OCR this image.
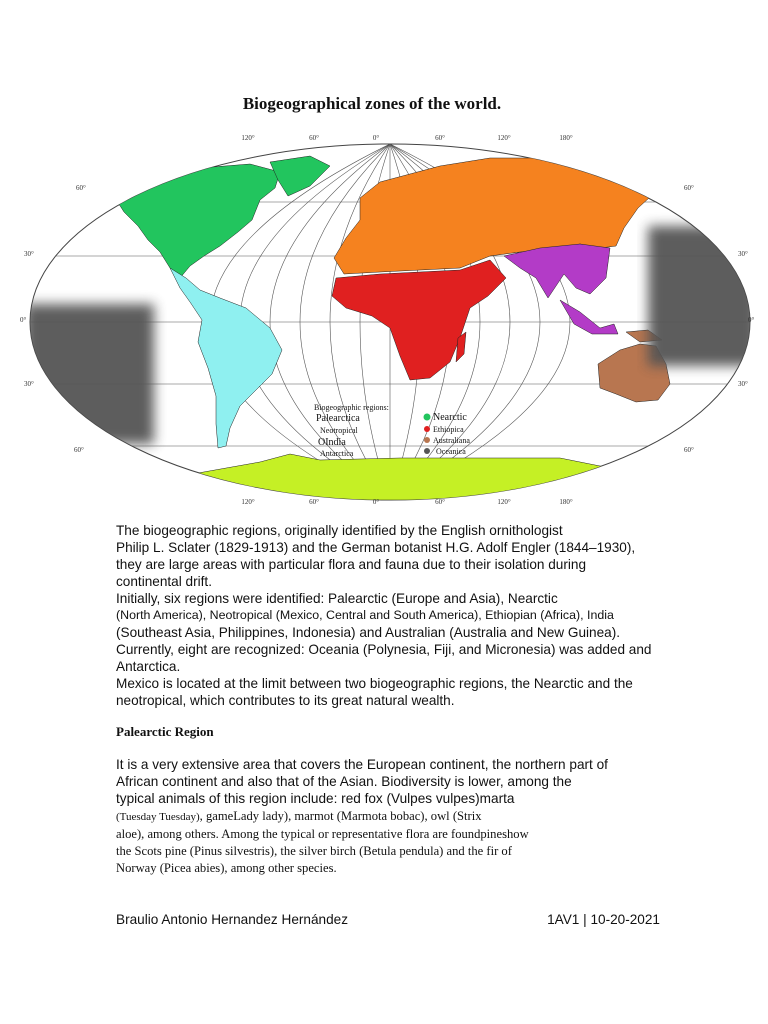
Biogeographical zones of the world.
120°	60°	0°	60°	120°	180°
120°	60°	0°	60°	120°	180°
60°
30°
0°
30°
60°
60°
30°
0°
30°
60°
Biogeographic regions:
Palearctica
Neotropical
OIndia
Antarctica
Nearctic
Ethiopica
Australiana
Oceanica

The biogeographic regions, originally identified by the English ornithologist

Philip L. Sclater (1829-1913) and the German botanist H.G. Adolf Engler (1844–1930),

they are large areas with particular flora and fauna due to their isolation during

continental drift.

Initially, six regions were identified: Palearctic (Europe and Asia), Nearctic

(North America), Neotropical (Mexico, Central and South America), Ethiopian (Africa), India

(Southeast Asia, Philippines, Indonesia) and Australian (Australia and New Guinea).

Currently, eight are recognized: Oceania (Polynesia, Fiji, and Micronesia) was added and

Antarctica.

Mexico is located at the limit between two biogeographic regions, the Nearctic and the

neotropical, which contributes to its great natural wealth.

Palearctic Region

It is a very extensive area that covers the European continent, the northern part of

African continent and also that of the Asian. Biodiversity is lower, among the

typical animals of this region include: red fox (Vulpes vulpes)marta

(Tuesday Tuesday), gameLady lady), marmot (Marmota bobac), owl (Strix

aloe), among others. Among the typical or representative flora are foundpineshow

the Scots pine (Pinus silvestris), the silver birch (Betula pendula) and the fir of

Norway (Picea abies), among other species.

Braulio Antonio Hernandez Hernández	1AV1 | 10-20-2021
